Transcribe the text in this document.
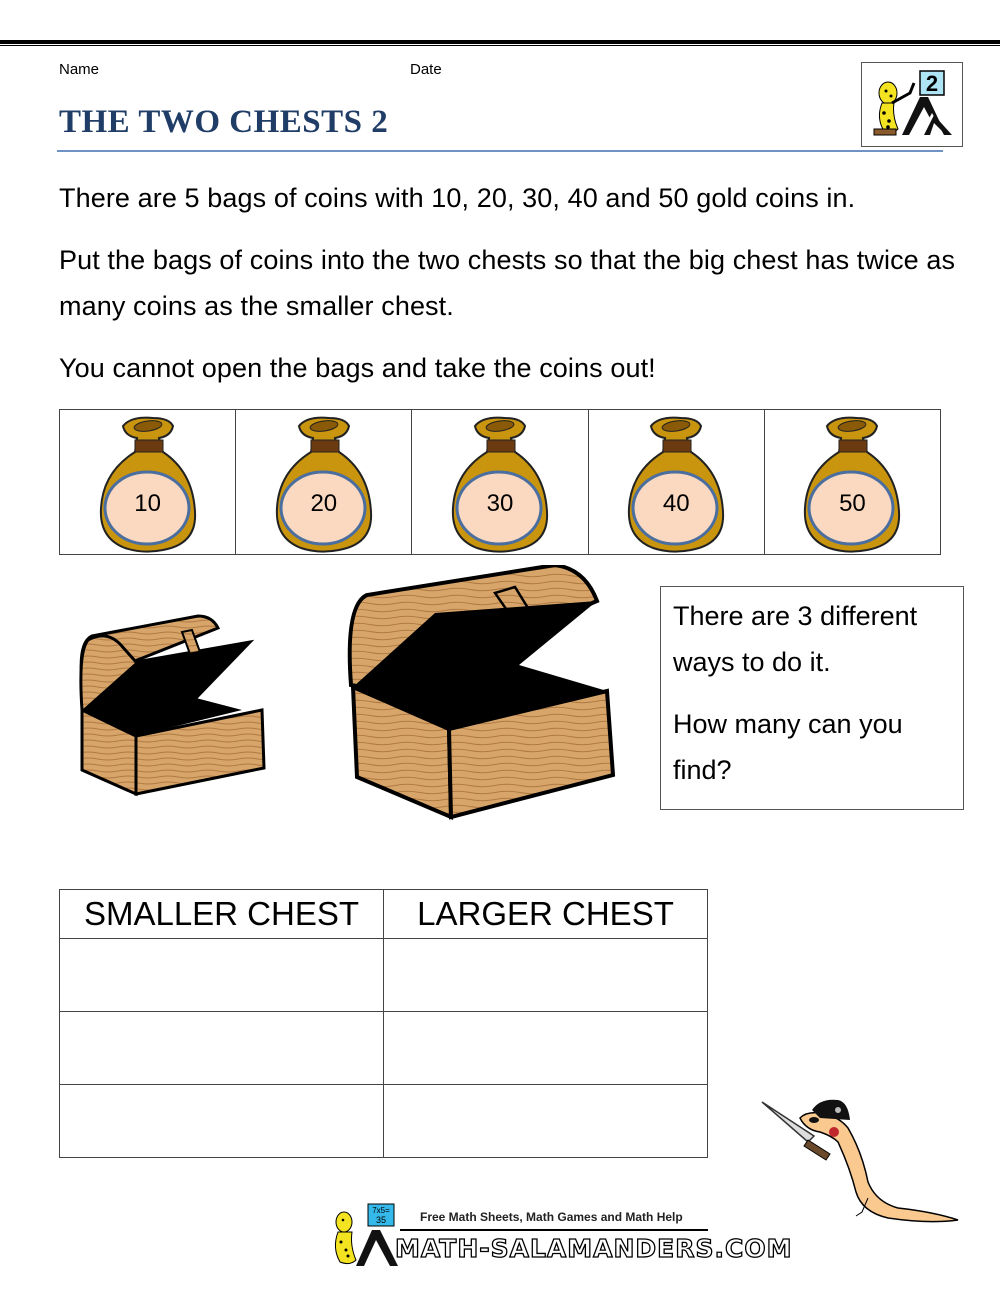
Name	Date
THE TWO CHESTS 2
2

There are 5 bags of coins with 10, 20, 30, 40 and 50 gold coins in.

Put the bags of coins into the two chests so that the big chest has twice as many coins as the smaller chest.

You cannot open the bags and take the coins out!

10	20	30	40	50

There are 3 different ways to do it.

How many can you find?

SMALLER CHEST	LARGER CHEST

7x5=
35	Free Math Sheets, Math Games and Math Help
MATH-SALAMANDERS.COM
